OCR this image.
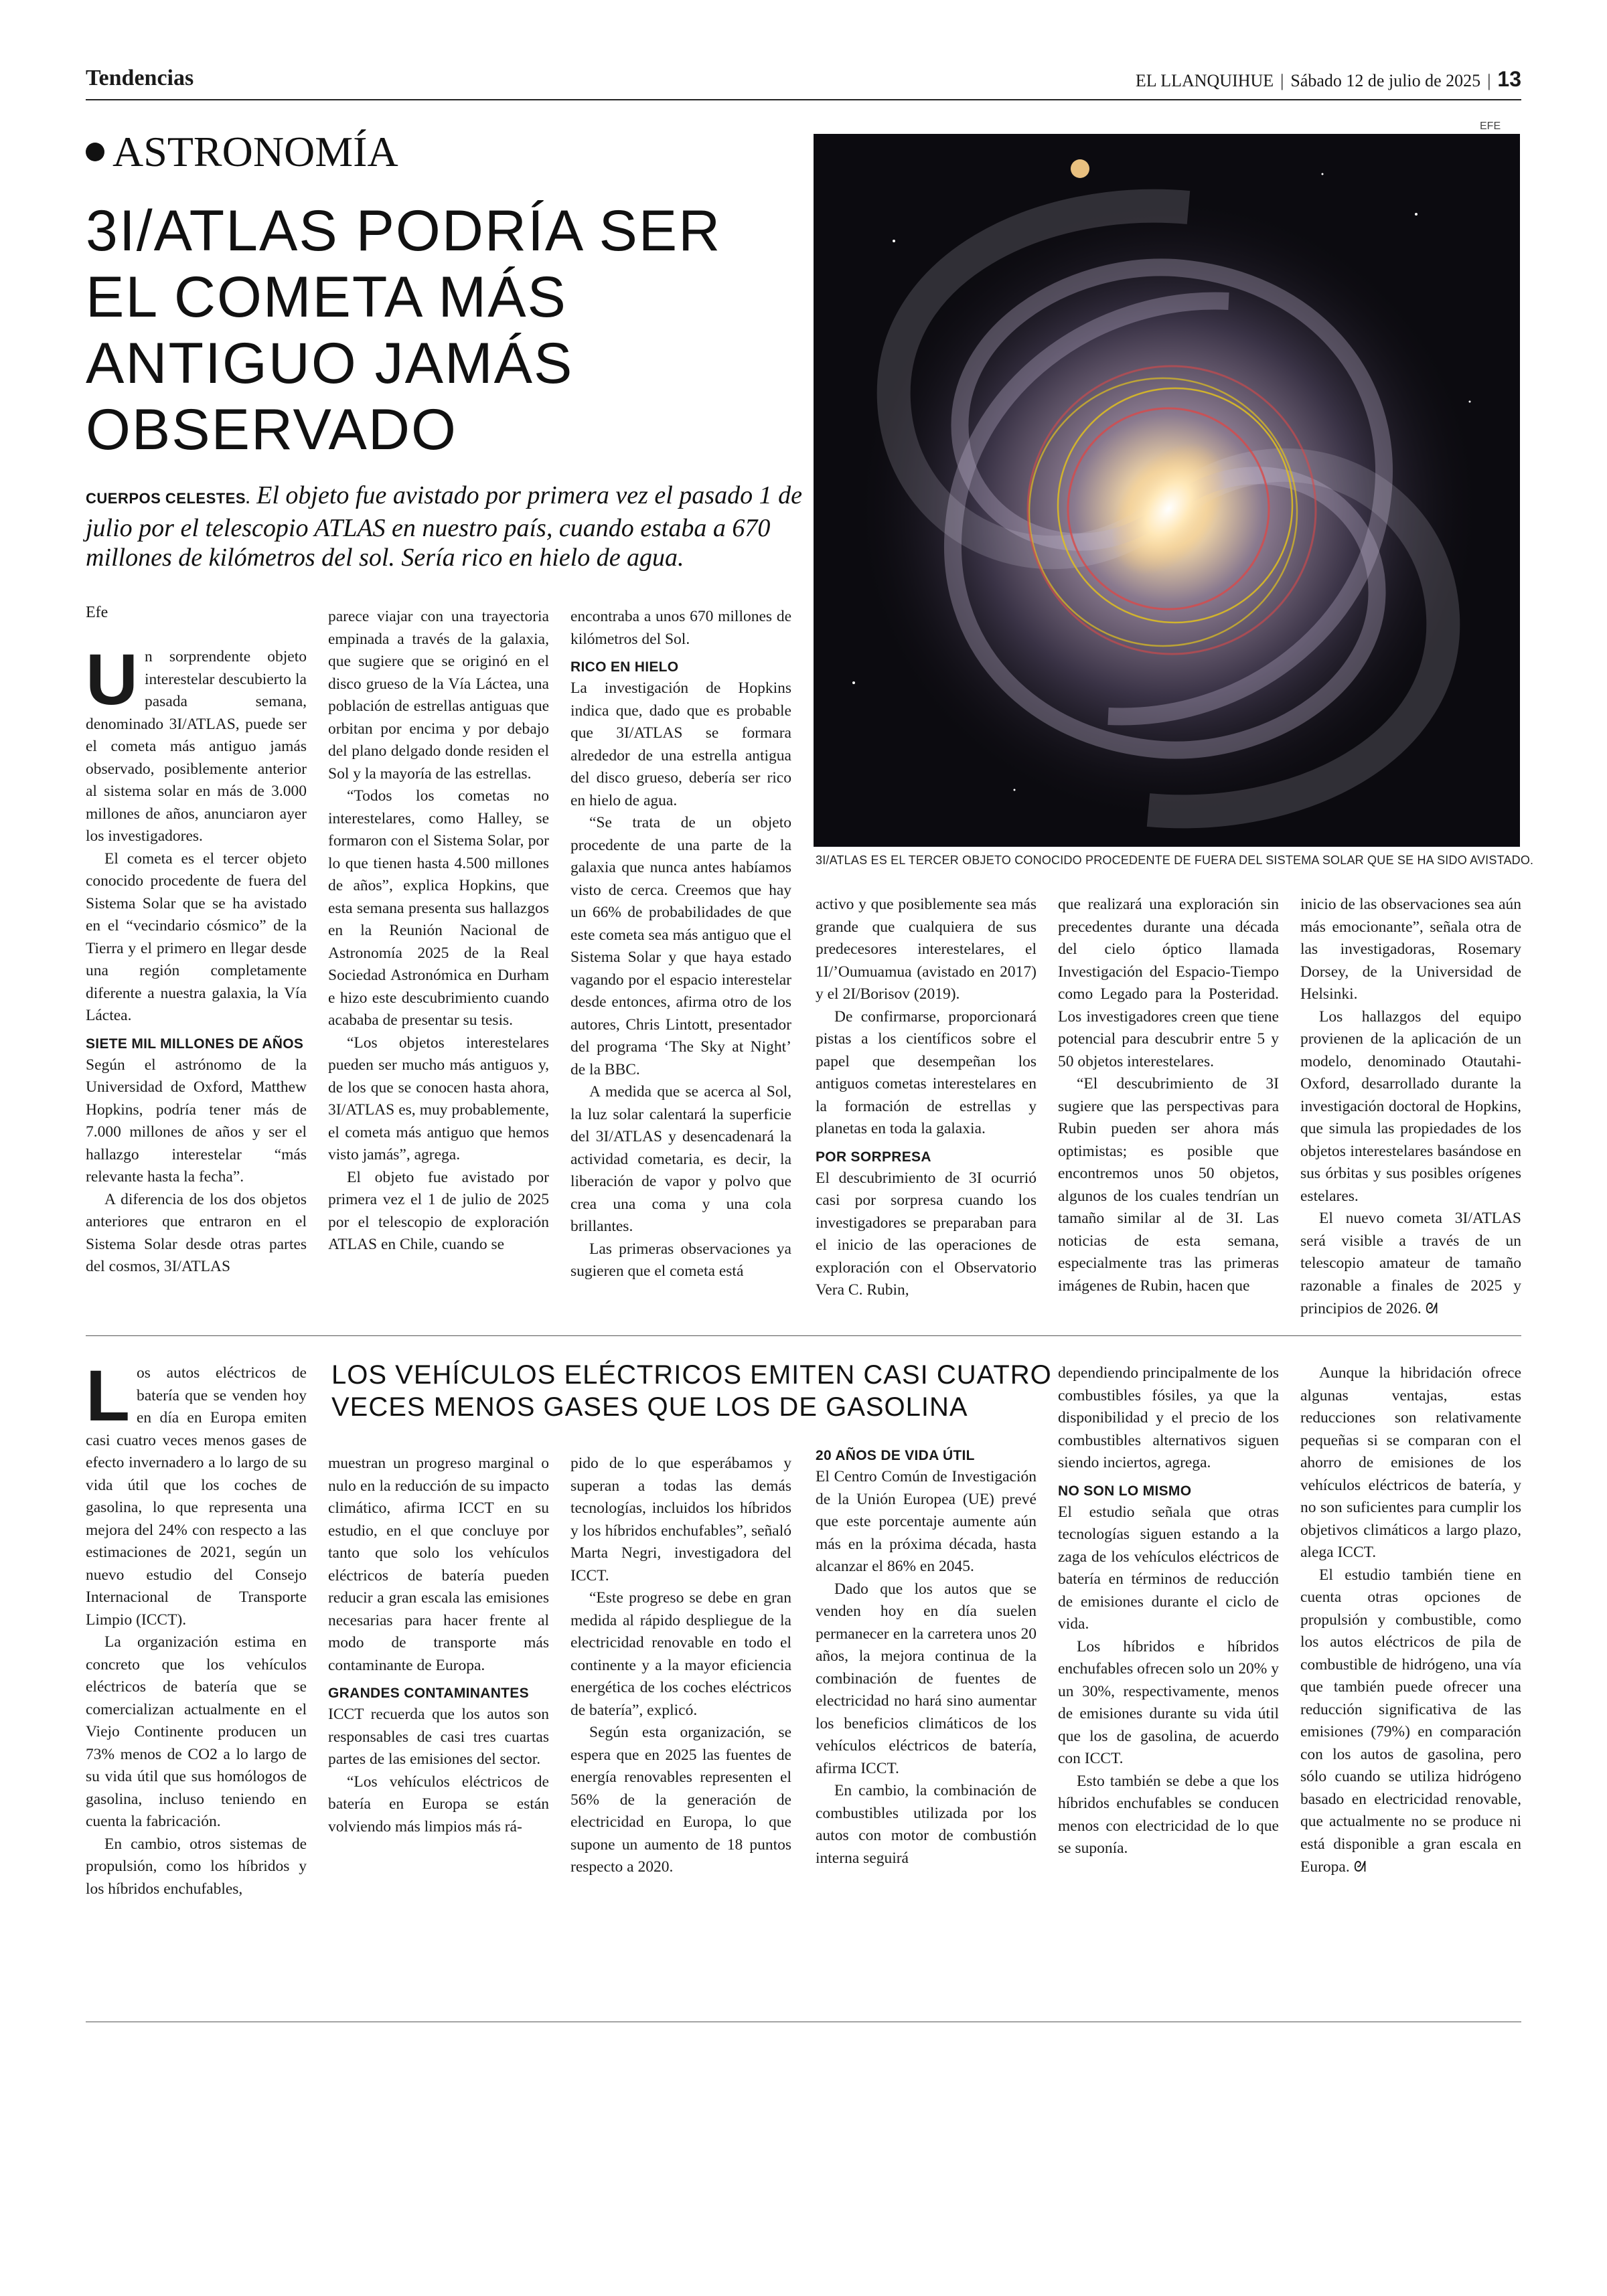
Tendencias	EL LLANQUIHUE | Sábado 12 de julio de 2025 | 13
ASTRONOMÍA
3I/ATLAS PODRÍA SER
EL COMETA MÁS
ANTIGUO JAMÁS
OBSERVADO
CUERPOS CELESTES. El objeto fue avistado por primera vez el pasado 1 de julio por el telescopio ATLAS en nuestro país, cuando estaba a 670 millones de kilómetros del sol. Sería rico en hielo de agua.
EFE
3I/ATLAS ES EL TERCER OBJETO CONOCIDO PROCEDENTE DE FUERA DEL SISTEMA SOLAR QUE SE HA SIDO AVISTADO.
Efe

Un sorprendente objeto interestelar descubierto la pasada semana, denominado 3I/ATLAS, puede ser el cometa más antiguo jamás observado, posiblemente anterior al sistema solar en más de 3.000 millones de años, anunciaron ayer los investigadores.

El cometa es el tercer objeto conocido procedente de fuera del Sistema Solar que se ha avistado en el “vecindario cósmico” de la Tierra y el primero en llegar desde una región completamente diferente a nuestra galaxia, la Vía Láctea.

SIETE MIL MILLONES DE AÑOS

Según el astrónomo de la Universidad de Oxford, Matthew Hopkins, podría tener más de 7.000 millones de años y ser el hallazgo interestelar “más relevante hasta la fecha”.

A diferencia de los dos objetos anteriores que entraron en el Sistema Solar desde otras partes del cosmos, 3I/ATLAS

parece viajar con una trayectoria empinada a través de la galaxia, que sugiere que se originó en el disco grueso de la Vía Láctea, una población de estrellas antiguas que orbitan por encima y por debajo del plano delgado donde residen el Sol y la mayoría de las estrellas.

“Todos los cometas no interestelares, como Halley, se formaron con el Sistema Solar, por lo que tienen hasta 4.500 millones de años”, explica Hopkins, que esta semana presenta sus hallazgos en la Reunión Nacional de Astronomía 2025 de la Real Sociedad Astronómica en Durham e hizo este descubrimiento cuando acababa de presentar su tesis.

“Los objetos interestelares pueden ser mucho más antiguos y, de los que se conocen hasta ahora, 3I/ATLAS es, muy probablemente, el cometa más antiguo que hemos visto jamás”, agrega.

El objeto fue avistado por primera vez el 1 de julio de 2025 por el telescopio de exploración ATLAS en Chile, cuando se

encontraba a unos 670 millones de kilómetros del Sol.

RICO EN HIELO

La investigación de Hopkins indica que, dado que es probable que 3I/ATLAS se formara alrededor de una estrella antigua del disco grueso, debería ser rico en hielo de agua.

“Se trata de un objeto procedente de una parte de la galaxia que nunca antes habíamos visto de cerca. Creemos que hay un 66% de probabilidades de que este cometa sea más antiguo que el Sistema Solar y que haya estado vagando por el espacio interestelar desde entonces, afirma otro de los autores, Chris Lintott, presentador del programa ‘The Sky at Night’ de la BBC.

A medida que se acerca al Sol, la luz solar calentará la superficie del 3I/ATLAS y desencadenará la actividad cometaria, es decir, la liberación de vapor y polvo que crea una coma y una cola brillantes.

Las primeras observaciones ya sugieren que el cometa está

activo y que posiblemente sea más grande que cualquiera de sus predecesores interestelares, el 1I/’Oumuamua (avistado en 2017) y el 2I/Borisov (2019).

De confirmarse, proporcionará pistas a los científicos sobre el papel que desempeñan los antiguos cometas interestelares en la formación de estrellas y planetas en toda la galaxia.

POR SORPRESA

El descubrimiento de 3I ocurrió casi por sorpresa cuando los investigadores se preparaban para el inicio de las operaciones de exploración con el Observatorio Vera C. Rubin,

que realizará una exploración sin precedentes durante una década del cielo óptico llamada Investigación del Espacio-Tiempo como Legado para la Posteridad. Los investigadores creen que tiene potencial para descubrir entre 5 y 50 objetos interestelares.

“El descubrimiento de 3I sugiere que las perspectivas para Rubin pueden ser ahora más optimistas; es posible que encontremos unos 50 objetos, algunos de los cuales tendrían un tamaño similar al de 3I. Las noticias de esta semana, especialmente tras las primeras imágenes de Rubin, hacen que

inicio de las observaciones sea aún más emocionante”, señala otra de las investigadoras, Rosemary Dorsey, de la Universidad de Helsinki.

Los hallazgos del equipo provienen de la aplicación de un modelo, denominado Otautahi-Oxford, desarrollado durante la investigación doctoral de Hopkins, que simula las propiedades de los objetos interestelares basándose en sus órbitas y sus posibles orígenes estelares.

El nuevo cometa 3I/ATLAS será visible a través de un telescopio amateur de tamaño razonable a finales de 2025 y principios de 2026. ᘛ

LOS VEHÍCULOS ELÉCTRICOS EMITEN CASI CUATRO
VECES MENOS GASES QUE LOS DE GASOLINA

Los autos eléctricos de batería que se venden hoy en día en Europa emiten casi cuatro veces menos gases de efecto invernadero a lo largo de su vida útil que los coches de gasolina, lo que representa una mejora del 24% con respecto a las estimaciones de 2021, según un nuevo estudio del Consejo Internacional de Transporte Limpio (ICCT).

La organización estima en concreto que los vehículos eléctricos de batería que se comercializan actualmente en el Viejo Continente producen un 73% menos de CO2 a lo largo de su vida útil que sus homólogos de gasolina, incluso teniendo en cuenta la fabricación.

En cambio, otros sistemas de propulsión, como los híbridos y los híbridos enchufables,

muestran un progreso marginal o nulo en la reducción de su impacto climático, afirma ICCT en su estudio, en el que concluye por tanto que solo los vehículos eléctricos de batería pueden reducir a gran escala las emisiones necesarias para hacer frente al modo de transporte más contaminante de Europa.

GRANDES CONTAMINANTES

ICCT recuerda que los autos son responsables de casi tres cuartas partes de las emisiones del sector.

“Los vehículos eléctricos de batería en Europa se están volviendo más limpios más rá-

pido de lo que esperábamos y superan a todas las demás tecnologías, incluidos los híbridos y los híbridos enchufables”, señaló Marta Negri, investigadora del ICCT.

“Este progreso se debe en gran medida al rápido despliegue de la electricidad renovable en todo el continente y a la mayor eficiencia energética de los coches eléctricos de batería”, explicó.

Según esta organización, se espera que en 2025 las fuentes de energía renovables representen el 56% de la generación de electricidad en Europa, lo que supone un aumento de 18 puntos respecto a 2020.

20 AÑOS DE VIDA ÚTIL

El Centro Común de Investigación de la Unión Europea (UE) prevé que este porcentaje aumente aún más en la próxima década, hasta alcanzar el 86% en 2045.

Dado que los autos que se venden hoy en día suelen permanecer en la carretera unos 20 años, la mejora continua de la combinación de fuentes de electricidad no hará sino aumentar los beneficios climáticos de los vehículos eléctricos de batería, afirma ICCT.

En cambio, la combinación de combustibles utilizada por los autos con motor de combustión interna seguirá

dependiendo principalmente de los combustibles fósiles, ya que la disponibilidad y el precio de los combustibles alternativos siguen siendo inciertos, agrega.

NO SON LO MISMO

El estudio señala que otras tecnologías siguen estando a la zaga de los vehículos eléctricos de batería en términos de reducción de emisiones durante el ciclo de vida.

Los híbridos e híbridos enchufables ofrecen solo un 20% y un 30%, respectivamente, menos de emisiones durante su vida útil que los de gasolina, de acuerdo con ICCT.

Esto también se debe a que los híbridos enchufables se conducen menos con electricidad de lo que se suponía.

Aunque la hibridación ofrece algunas ventajas, estas reducciones son relativamente pequeñas si se comparan con el ahorro de emisiones de los vehículos eléctricos de batería, y no son suficientes para cumplir los objetivos climáticos a largo plazo, alega ICCT.

El estudio también tiene en cuenta otras opciones de propulsión y combustible, como los autos eléctricos de pila de combustible de hidrógeno, una vía que también puede ofrecer una reducción significativa de las emisiones (79%) en comparación con los autos de gasolina, pero sólo cuando se utiliza hidrógeno basado en electricidad renovable, que actualmente no se produce ni está disponible a gran escala en Europa. ᘛ
